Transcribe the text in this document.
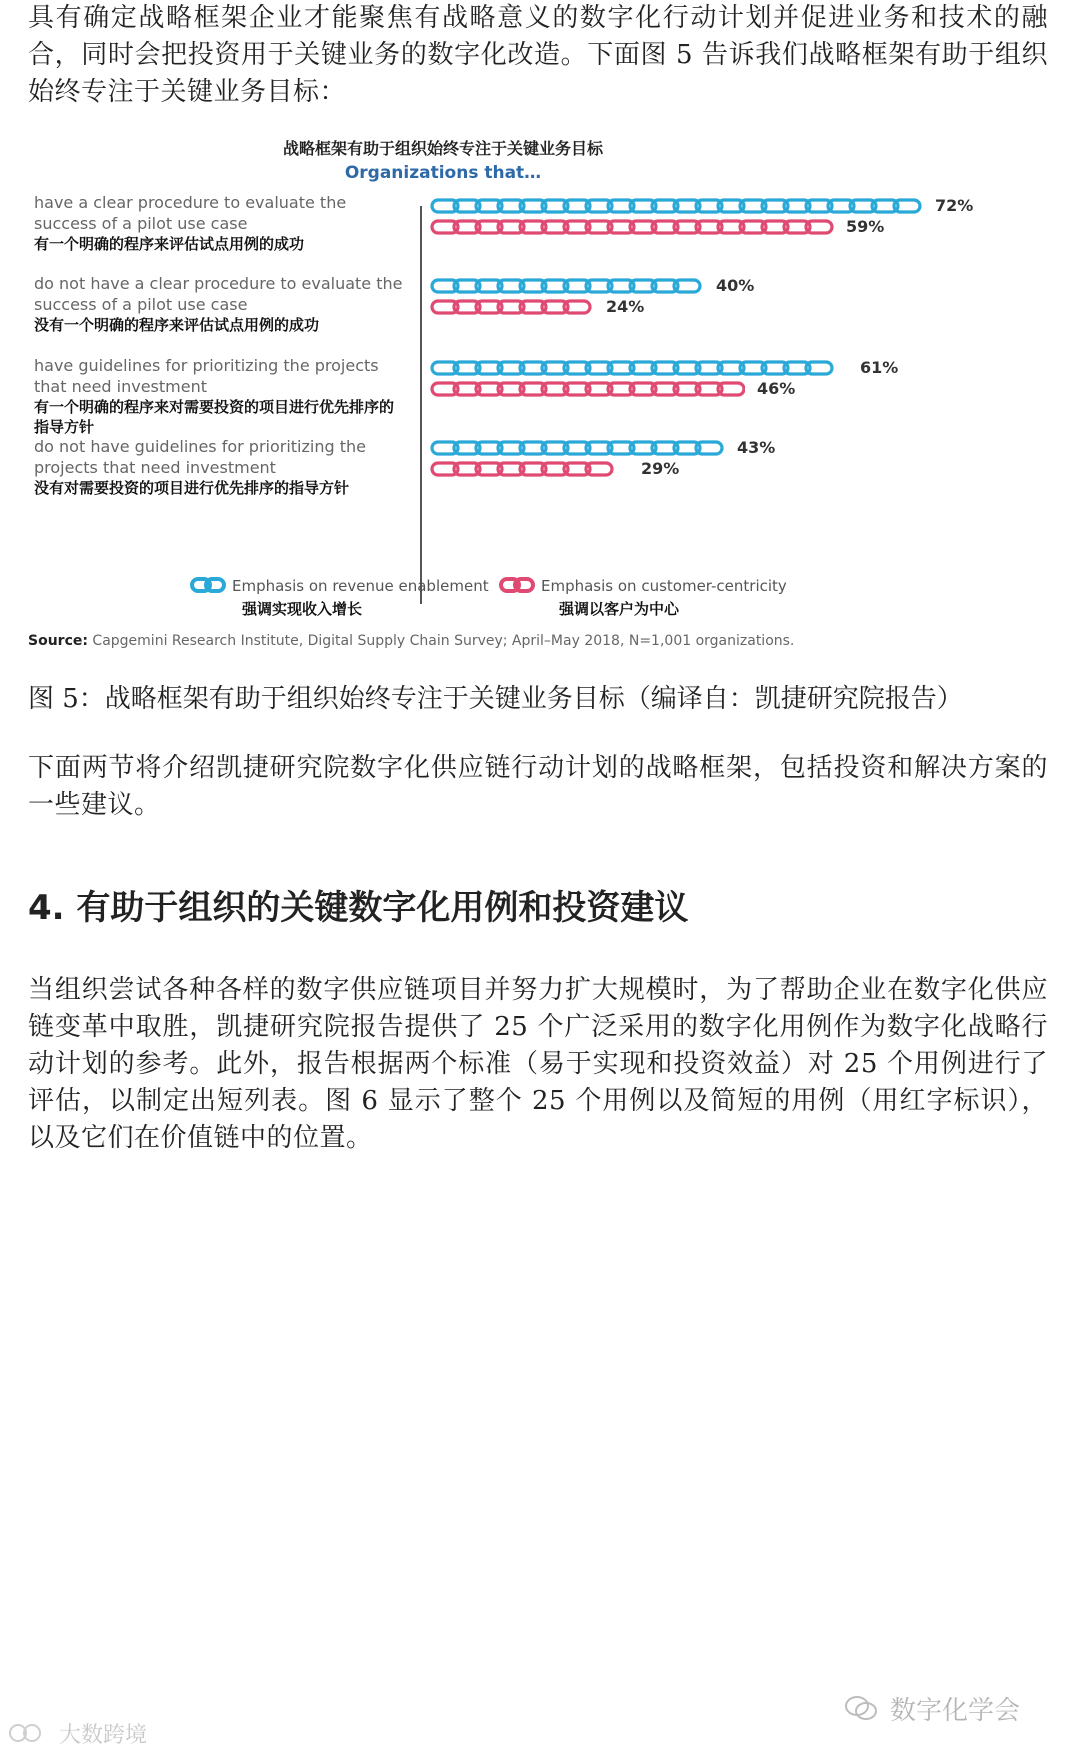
具有确定战略框架企业才能聚焦有战略意义的数字化行动计划并促进业务和技术的融合，同时会把投资用于关键业务的数字化改造。下面图 5 告诉我们战略框架有助于组织始终专注于关键业务目标：

战略框架有助于组织始终专注于关键业务目标
Organizations that…
have a clear procedure to evaluate the success of a pilot use case
有一个明确的程序来评估试点用例的成功
do not have a clear procedure to evaluate the success of a pilot use case
没有一个明确的程序来评估试点用例的成功
have guidelines for prioritizing the projects that need investment
有一个明确的程序来对需要投资的项目进行优先排序的指导方针
do not have guidelines for prioritizing the projects that need investment
没有对需要投资的项目进行优先排序的指导方针
72%
40%
61%
43%
59%
24%
46%
29%
Emphasis on revenue enablement
强调实现收入增长
Emphasis on customer-centricity
强调以客户为中心
Source: Capgemini Research Institute, Digital Supply Chain Survey; April–May 2018, N=1,001 organizations.

图 5：战略框架有助于组织始终专注于关键业务目标（编译自：凯捷研究院报告）

下面两节将介绍凯捷研究院数字化供应链行动计划的战略框架，包括投资和解决方案的一些建议。

4. 有助于组织的关键数字化用例和投资建议

当组织尝试各种各样的数字供应链项目并努力扩大规模时，为了帮助企业在数字化供应链变革中取胜，凯捷研究院报告提供了 25 个广泛采用的数字化用例作为数字化战略行动计划的参考。此外，报告根据两个标准（易于实现和投资效益）对 25 个用例进行了评估，以制定出短列表。图 6 显示了整个 25 个用例以及简短的用例（用红字标识），以及它们在价值链中的位置。

数字化学会
大数跨境
